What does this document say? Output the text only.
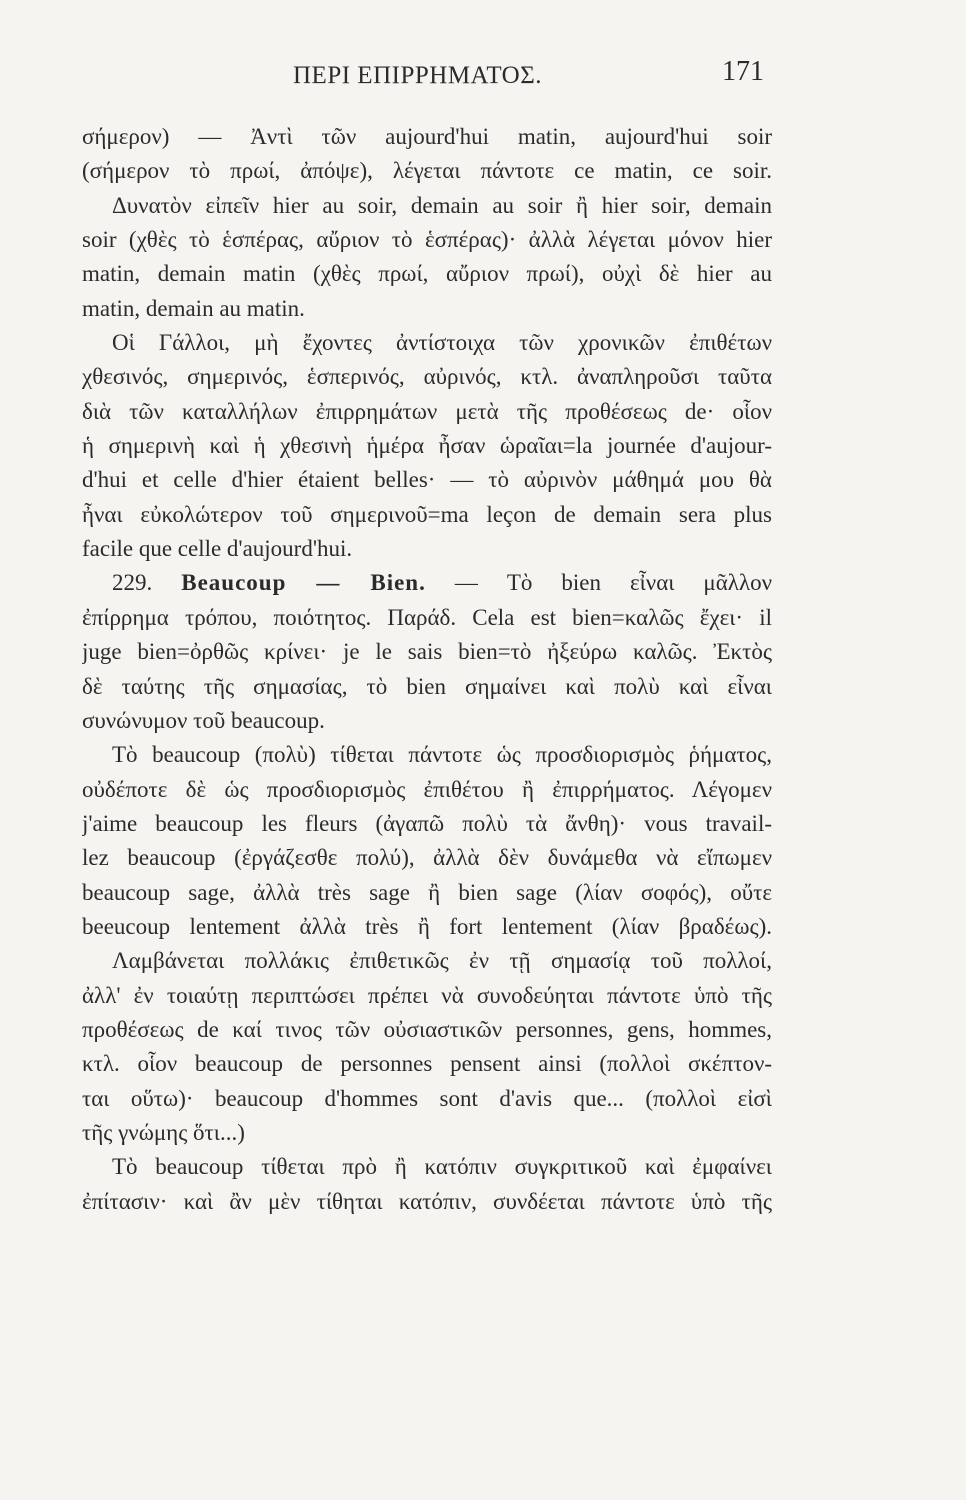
ΠΕΡΙ ΕΠΙΡΡΗΜΑΤΟΣ.	171
σήμερον) — Ἀντὶ τῶν aujourd'hui matin, aujourd'hui soir
(σήμερον τὸ πρωί, ἀπόψε), λέγεται πάντοτε ce matin, ce soir.
Δυνατὸν εἰπεῖν hier au soir, demain au soir ἢ hier soir, demain
soir (χθὲς τὸ ἑσπέρας, αὔριον τὸ ἑσπέρας)· ἀλλὰ λέγεται μόνον hier
matin, demain matin (χθὲς πρωί, αὔριον πρωί), οὐχὶ δὲ hier au
matin, demain au matin.
Οἱ Γάλλοι, μὴ ἔχοντες ἀντίστοιχα τῶν χρονικῶν ἐπιθέτων
χθεσινός, σημερινός, ἑσπερινός, αὐρινός, κτλ. ἀναπληροῦσι ταῦτα
διὰ τῶν καταλλήλων ἐπιρρημάτων μετὰ τῆς προθέσεως de· οἷον
ἡ σημερινὴ καὶ ἡ χθεσινὴ ἡμέρα ἦσαν ὡραῖαι=la journée d'aujour-
d'hui et celle d'hier étaient belles· — τὸ αὐρινὸν μάθημά μου θὰ
ἦναι εὐκολώτερον τοῦ σημερινοῦ=ma leçon de demain sera plus
facile que celle d'aujourd'hui.
229. Beaucoup — Bien. — Τὸ bien εἶναι μᾶλλον
ἐπίρρημα τρόπου, ποιότητος. Παράδ. Cela est bien=καλῶς ἔχει· il
juge bien=ὀρθῶς κρίνει· je le sais bien=τὸ ἠξεύρω καλῶς. Ἐκτὸς
δὲ ταύτης τῆς σημασίας, τὸ bien σημαίνει καὶ πολὺ καὶ εἶναι
συνώνυμον τοῦ beaucoup.
Τὸ beaucoup (πολὺ) τίθεται πάντοτε ὡς προσδιορισμὸς ῥήματος,
οὐδέποτε δὲ ὡς προσδιορισμὸς ἐπιθέτου ἢ ἐπιρρήματος. Λέγομεν
j'aime beaucoup les fleurs (ἀγαπῶ πολὺ τὰ ἄνθη)· vous travail-
lez beaucoup (ἐργάζεσθε πολύ), ἀλλὰ δὲν δυνάμεθα νὰ εἴπωμεν
beaucoup sage, ἀλλὰ très sage ἢ bien sage (λίαν σοφός), οὔτε
beeucoup lentement ἀλλὰ très ἢ fort lentement (λίαν βραδέως).
Λαμβάνεται πολλάκις ἐπιθετικῶς ἐν τῇ σημασίᾳ τοῦ πολλοί,
ἀλλ' ἐν τοιαύτῃ περιπτώσει πρέπει νὰ συνοδεύηται πάντοτε ὑπὸ τῆς
προθέσεως de καί τινος τῶν οὐσιαστικῶν personnes, gens, hommes,
κτλ. οἷον beaucoup de personnes pensent ainsi (πολλοὶ σκέπτον-
ται οὕτω)· beaucoup d'hommes sont d'avis que... (πολλοὶ εἰσὶ
τῆς γνώμης ὅτι...)
Τὸ beaucoup τίθεται πρὸ ἢ κατόπιν συγκριτικοῦ καὶ ἐμφαίνει
ἐπίτασιν· καὶ ἂν μὲν τίθηται κατόπιν, συνδέεται πάντοτε ὑπὸ τῆς
